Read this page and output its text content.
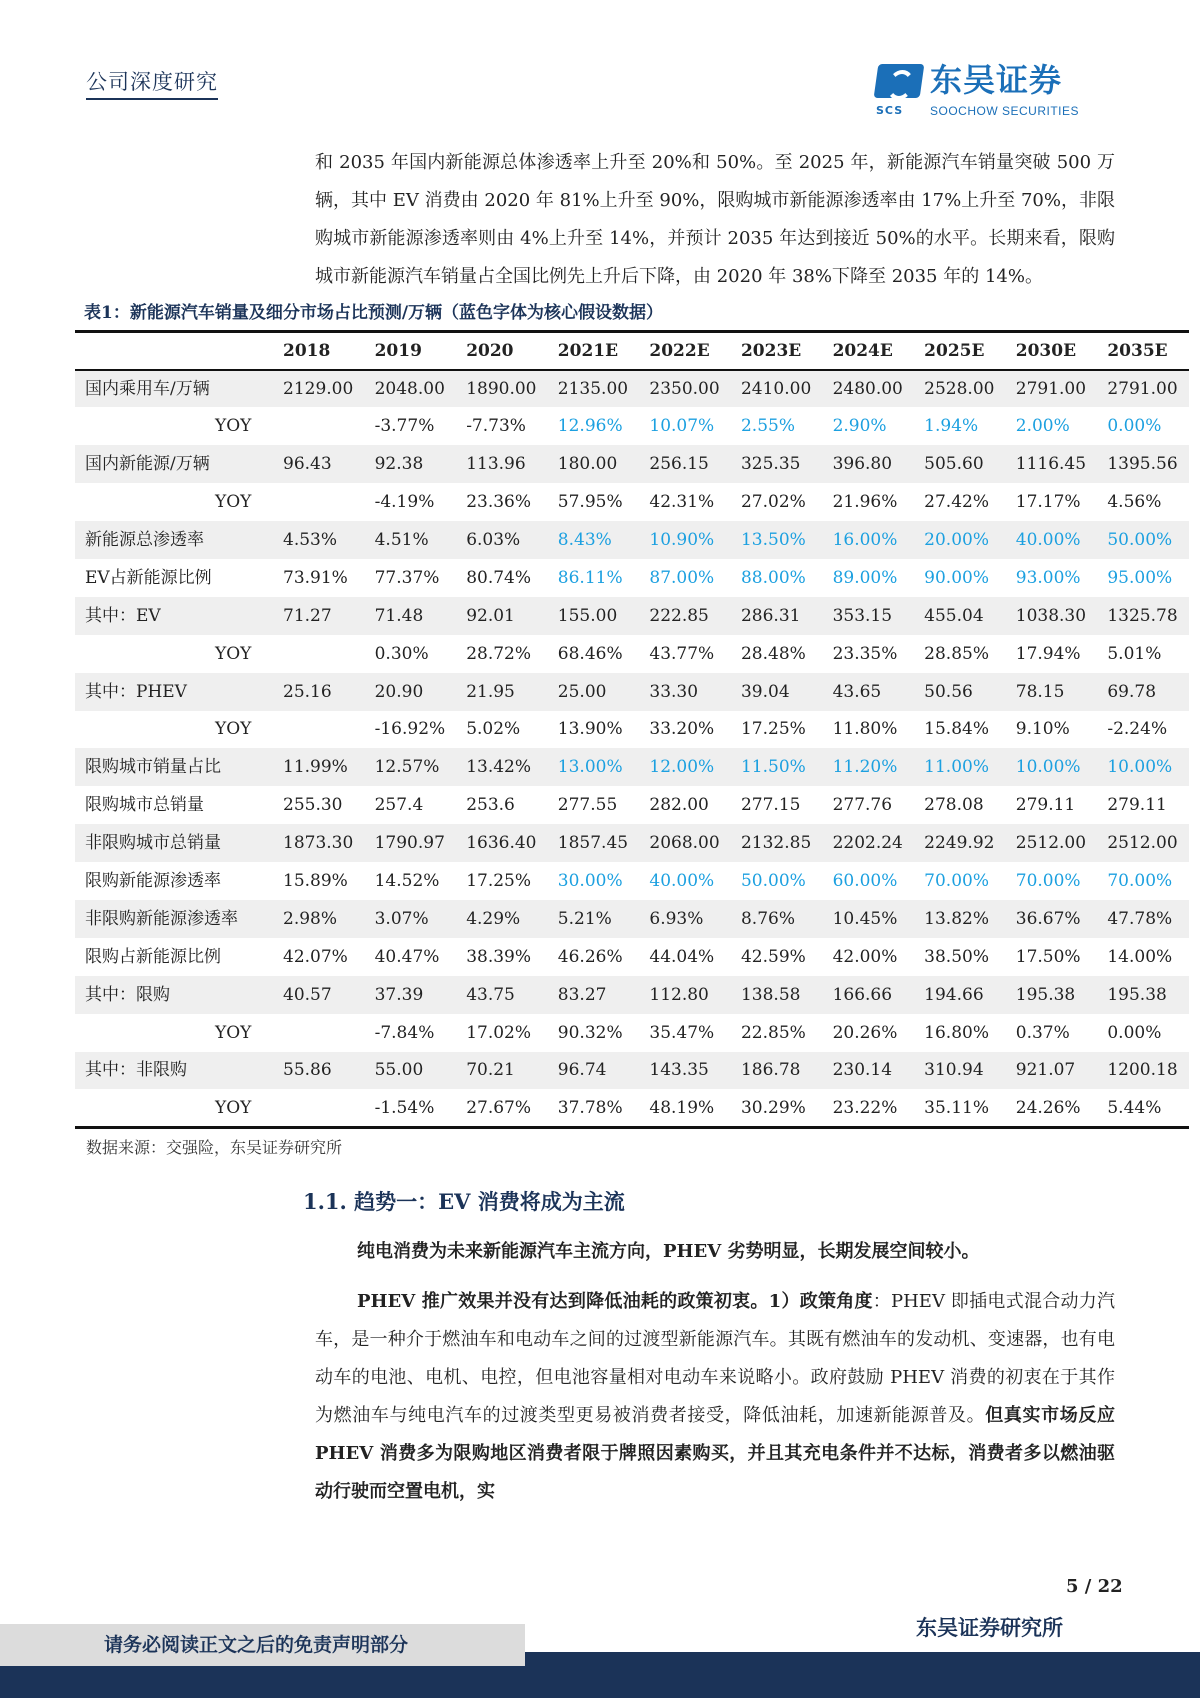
公司深度研究
SCS
东吴证券
SOOCHOW SECURITIES

和 2035 年国内新能源总体渗透率上升至 20%和 50%。至 2025 年，新能源汽车销量突破 500 万辆，其中 EV 消费由 2020 年 81%上升至 90%，限购城市新能源渗透率由 17%上升至 70%，非限购城市新能源渗透率则由 4%上升至 14%，并预计 2035 年达到接近 50%的水平。长期来看，限购城市新能源汽车销量占全国比例先上升后下降，由 2020 年 38%下降至 2035 年的 14%。

表1：新能源汽车销量及细分市场占比预测/万辆（蓝色字体为核心假设数据）
	2018	2019	2020	2021E	2022E	2023E	2024E	2025E	2030E	2035E
国内乘用车/万辆	2129.00	2048.00	1890.00	2135.00	2350.00	2410.00	2480.00	2528.00	2791.00	2791.00
YOY		-3.77%	-7.73%	12.96%	10.07%	2.55%	2.90%	1.94%	2.00%	0.00%
国内新能源/万辆	96.43	92.38	113.96	180.00	256.15	325.35	396.80	505.60	1116.45	1395.56
YOY		-4.19%	23.36%	57.95%	42.31%	27.02%	21.96%	27.42%	17.17%	4.56%
新能源总渗透率	4.53%	4.51%	6.03%	8.43%	10.90%	13.50%	16.00%	20.00%	40.00%	50.00%
EV占新能源比例	73.91%	77.37%	80.74%	86.11%	87.00%	88.00%	89.00%	90.00%	93.00%	95.00%
其中：EV	71.27	71.48	92.01	155.00	222.85	286.31	353.15	455.04	1038.30	1325.78
YOY		0.30%	28.72%	68.46%	43.77%	28.48%	23.35%	28.85%	17.94%	5.01%
其中：PHEV	25.16	20.90	21.95	25.00	33.30	39.04	43.65	50.56	78.15	69.78
YOY		-16.92%	5.02%	13.90%	33.20%	17.25%	11.80%	15.84%	9.10%	-2.24%
限购城市销量占比	11.99%	12.57%	13.42%	13.00%	12.00%	11.50%	11.20%	11.00%	10.00%	10.00%
限购城市总销量	255.30	257.4	253.6	277.55	282.00	277.15	277.76	278.08	279.11	279.11
非限购城市总销量	1873.30	1790.97	1636.40	1857.45	2068.00	2132.85	2202.24	2249.92	2512.00	2512.00
限购新能源渗透率	15.89%	14.52%	17.25%	30.00%	40.00%	50.00%	60.00%	70.00%	70.00%	70.00%
非限购新能源渗透率	2.98%	3.07%	4.29%	5.21%	6.93%	8.76%	10.45%	13.82%	36.67%	47.78%
限购占新能源比例	42.07%	40.47%	38.39%	46.26%	44.04%	42.59%	42.00%	38.50%	17.50%	14.00%
其中：限购	40.57	37.39	43.75	83.27	112.80	138.58	166.66	194.66	195.38	195.38
YOY		-7.84%	17.02%	90.32%	35.47%	22.85%	20.26%	16.80%	0.37%	0.00%
其中：非限购	55.86	55.00	70.21	96.74	143.35	186.78	230.14	310.94	921.07	1200.18
YOY		-1.54%	27.67%	37.78%	48.19%	30.29%	23.22%	35.11%	24.26%	5.44%
数据来源：交强险，东吴证券研究所
1.1. 趋势一：EV 消费将成为主流
纯电消费为未来新能源汽车主流方向，PHEV 劣势明显，长期发展空间较小。

PHEV 推广效果并没有达到降低油耗的政策初衷。1）政策角度：PHEV 即插电式混合动力汽车，是一种介于燃油车和电动车之间的过渡型新能源汽车。其既有燃油车的发动机、变速器，也有电动车的电池、电机、电控，但电池容量相对电动车来说略小。政府鼓励 PHEV 消费的初衷在于其作为燃油车与纯电汽车的过渡类型更易被消费者接受，降低油耗，加速新能源普及。但真实市场反应 PHEV 消费多为限购地区消费者限于牌照因素购买，并且其充电条件并不达标，消费者多以燃油驱动行驶而空置电机，实

5 / 22
东吴证券研究所
请务必阅读正文之后的免责声明部分
